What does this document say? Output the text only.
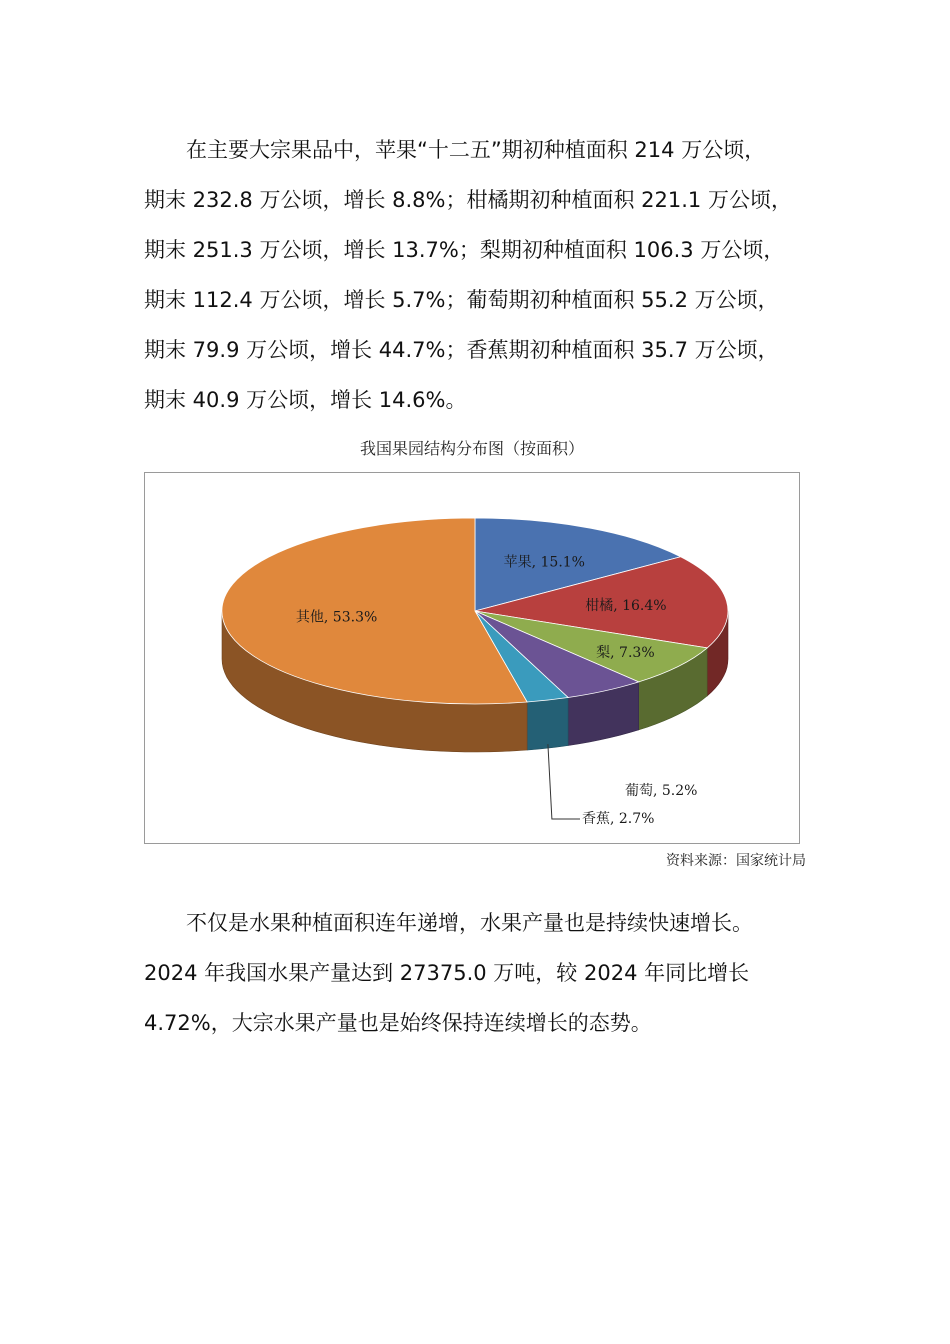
在主要大宗果品中，苹果“十二五”期初种植面积 214 万公顷，
期末 232.8 万公顷，增长 8.8%；柑橘期初种植面积 221.1 万公顷，
期末 251.3 万公顷，增长 13.7%；梨期初种植面积 106.3 万公顷，
期末 112.4 万公顷，增长 5.7%；葡萄期初种植面积 55.2 万公顷，
期末 79.9 万公顷，增长 44.7%；香蕉期初种植面积 35.7 万公顷，
期末 40.9 万公顷，增长 14.6%。
我国果园结构分布图（按面积）
苹果, 15.1%
柑橘, 16.4%
梨, 7.3%
葡萄, 5.2%
香蕉, 2.7%
其他, 53.3%
资料来源：国家统计局
不仅是水果种植面积连年递增，水果产量也是持续快速增长。
2024 年我国水果产量达到 27375.0 万吨，较 2024 年同比增长
4.72%，大宗水果产量也是始终保持连续增长的态势。
